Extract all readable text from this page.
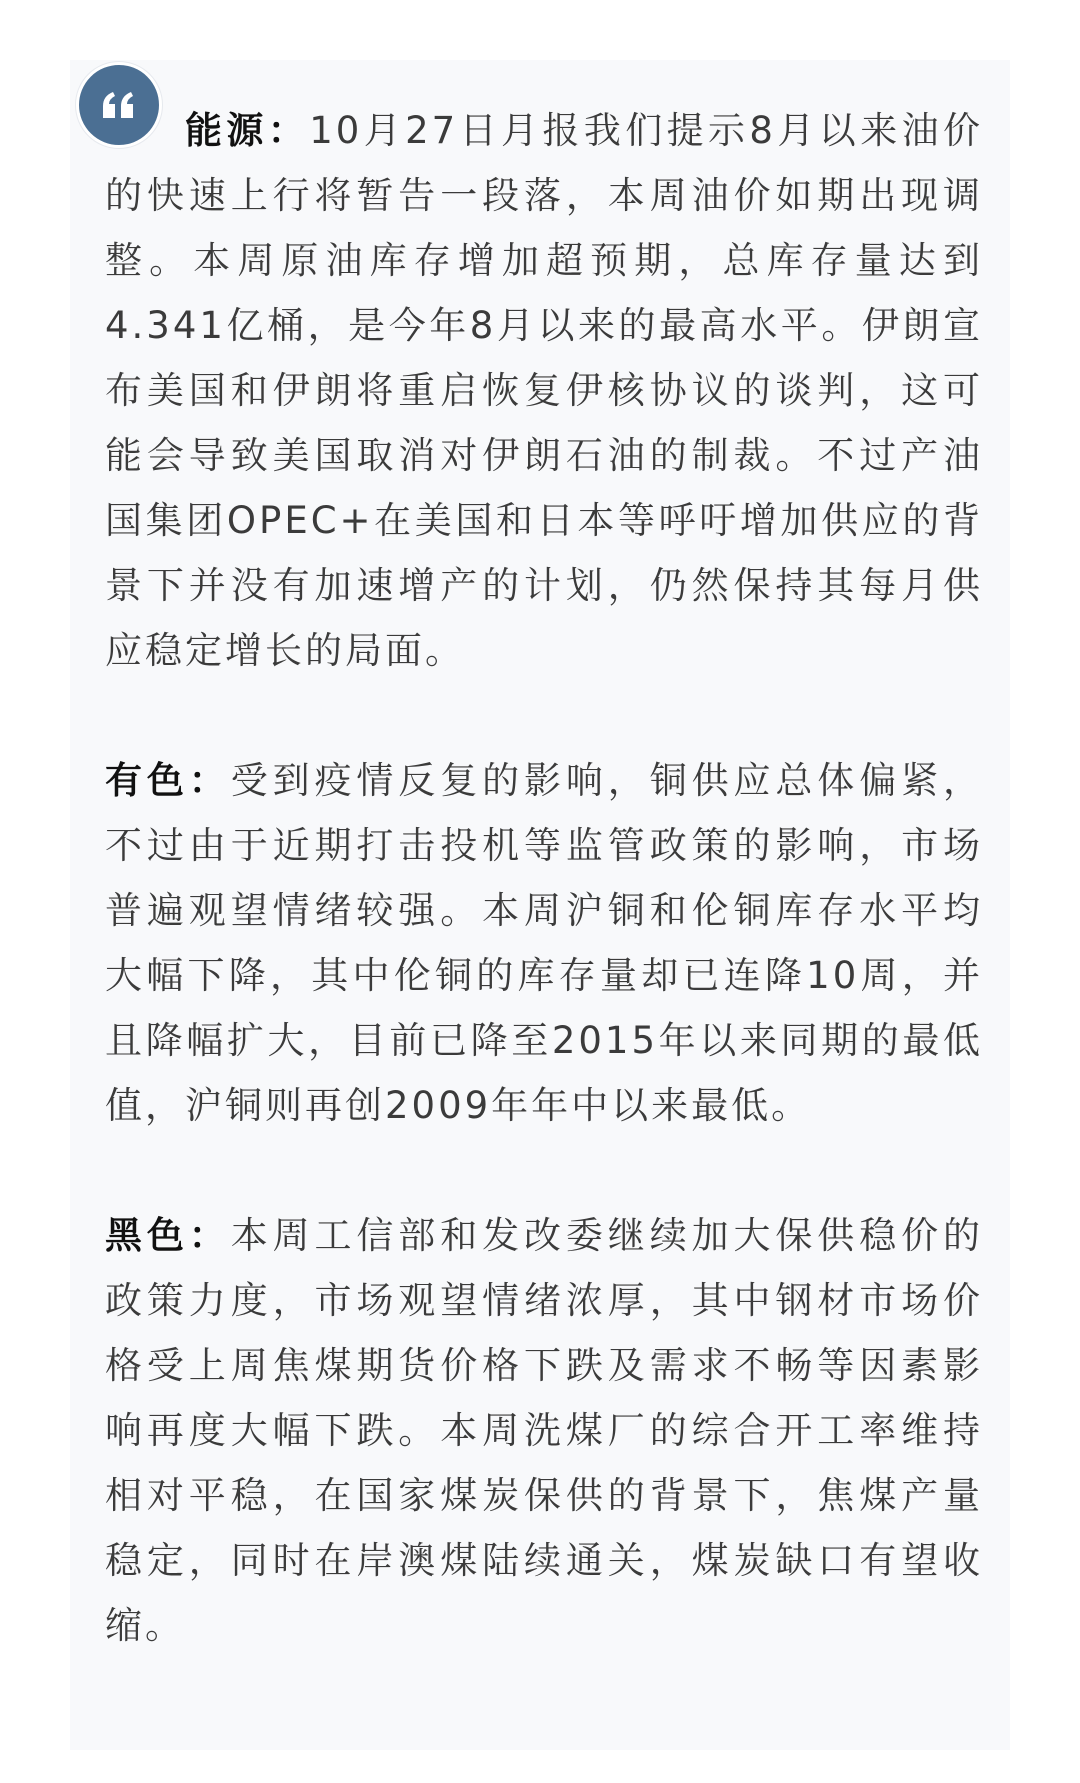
能源：10月27日月报我们提示8月以来油价的快速上行将暂告一段落，本周油价如期出现调整。本周原油库存增加超预期，总库存量达到4.341亿桶，是今年8月以来的最高水平。伊朗宣布美国和伊朗将重启恢复伊核协议的谈判，这可能会导致美国取消对伊朗石油的制裁。不过产油国集团OPEC+在美国和日本等呼吁增加供应的背景下并没有加速增产的计划，仍然保持其每月供应稳定增长的局面。

有色：受到疫情反复的影响，铜供应总体偏紧，不过由于近期打击投机等监管政策的影响，市场普遍观望情绪较强。本周沪铜和伦铜库存水平均大幅下降，其中伦铜的库存量却已连降10周，并且降幅扩大，目前已降至2015年以来同期的最低值，沪铜则再创2009年年中以来最低。

黑色：本周工信部和发改委继续加大保供稳价的政策力度，市场观望情绪浓厚，其中钢材市场价格受上周焦煤期货价格下跌及需求不畅等因素影响再度大幅下跌。本周洗煤厂的综合开工率维持相对平稳，在国家煤炭保供的背景下，焦煤产量稳定，同时在岸澳煤陆续通关，煤炭缺口有望收缩。
